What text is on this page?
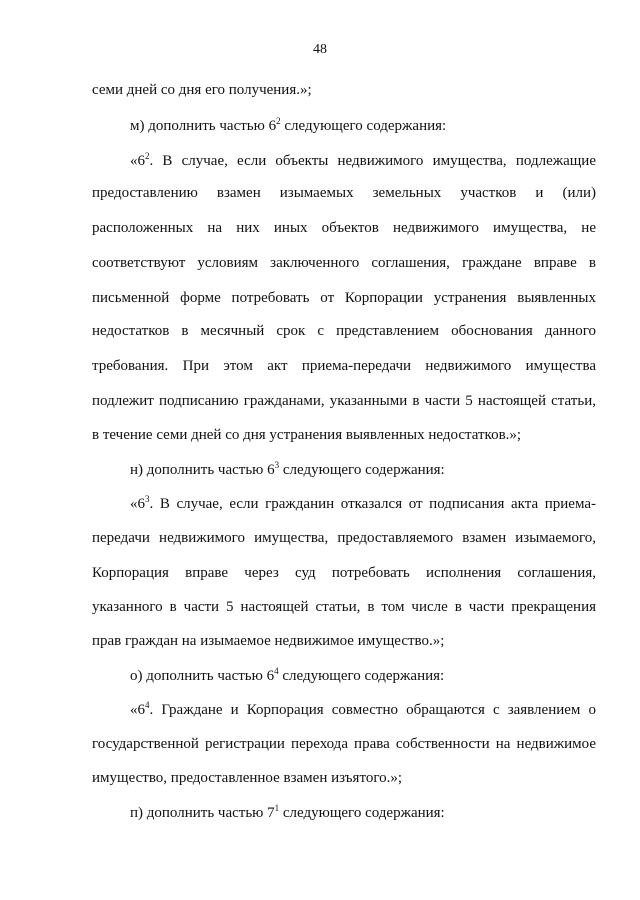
48
семи дней со дня его получения.»;
м) дополнить частью $6^2$ следующего содержания:
«$6^2$. В случае, если объекты недвижимого имущества, подлежащие
предоставлению взамен изымаемых земельных участков и (или)
расположенных на них иных объектов недвижимого имущества, не
соответствуют условиям заключенного соглашения, граждане вправе в
письменной форме потребовать от Корпорации устранения выявленных
недостатков в месячный срок с представлением обоснования данного
требования. При этом акт приема-передачи недвижимого имущества
подлежит подписанию гражданами, указанными в части 5 настоящей статьи,
в течение семи дней со дня устранения выявленных недостатков.»;
н) дополнить частью $6^3$ следующего содержания:
«$6^3$. В случае, если гражданин отказался от подписания акта приема-
передачи недвижимого имущества, предоставляемого взамен изымаемого,
Корпорация вправе через суд потребовать исполнения соглашения,
указанного в части 5 настоящей статьи, в том числе в части прекращения
прав граждан на изымаемое недвижимое имущество.»;
о) дополнить частью $6^4$ следующего содержания:
«$6^4$. Граждане и Корпорация совместно обращаются с заявлением о
государственной регистрации перехода права собственности на недвижимое
имущество, предоставленное взамен изъятого.»;
п) дополнить частью $7^1$ следующего содержания:
